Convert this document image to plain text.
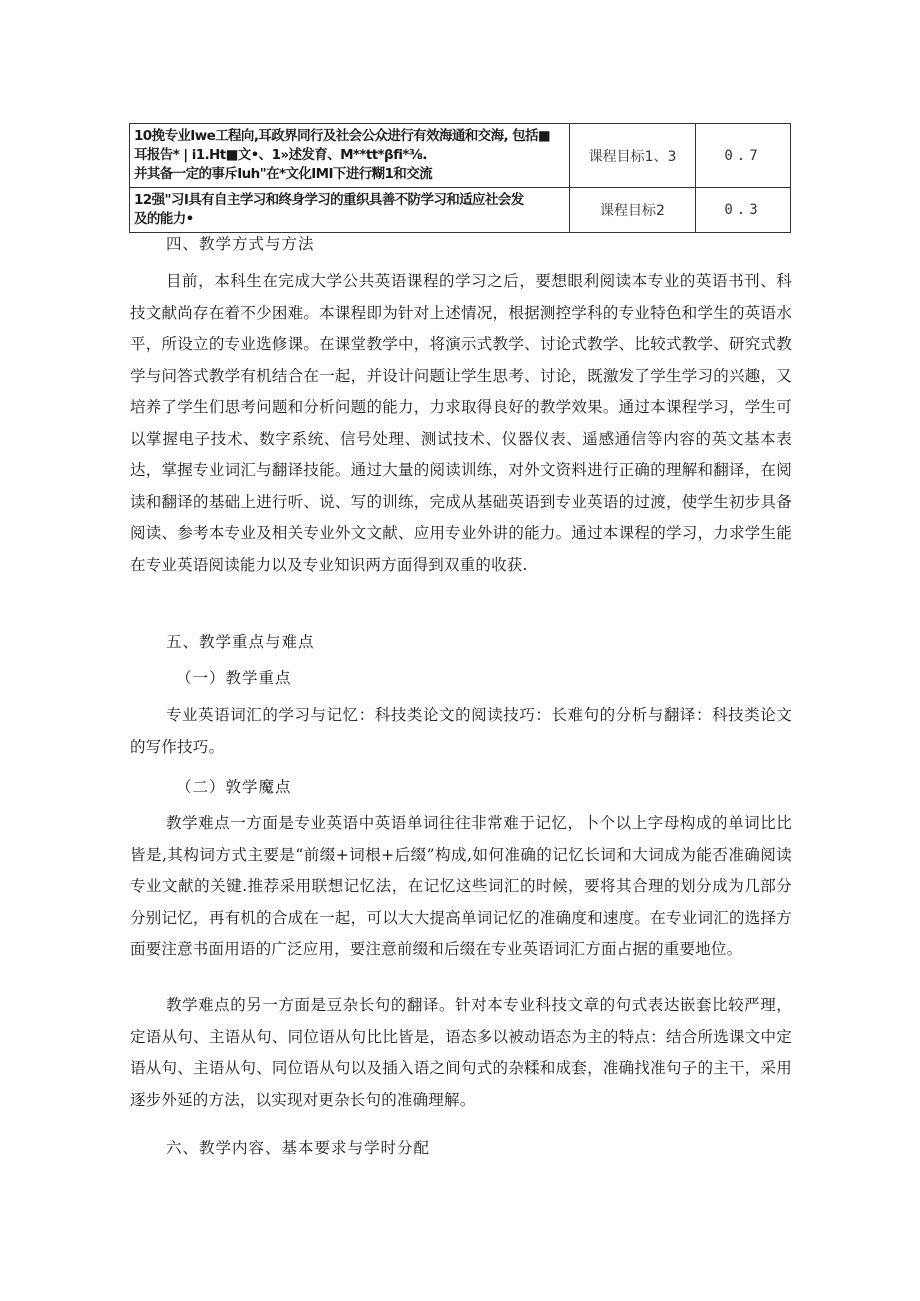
10挽专业Iwe工程向,耳政界同行及社会公众进行有效海通和交海, 包括■
耳报告* | i1.Ht■文•、1»述发育、M**tt*βfi*⅜.
并其备一定的事斥Iuh"在*文化IMI下进行糊1和交流	课程目标1、3	0.7

12强"习I具有自主学习和终身学习的重织具善不防学习和适应社会发
及的能力•	课程目标2	0.3
四、教学方式与方法
目前，本科生在完成大学公共英语课程的学习之后，要想眼利阅读本专业的英语书刊、科技文献尚存在着不少困难。本课程即为针对上述情况，根据测控学科的专业特色和学生的英语水平，所设立的专业选修课。在课堂教学中，将演示式教学、讨论式教学、比较式教学、研究式教学与问答式教学有机结合在一起，并设计问题让学生思考、讨论，既激发了学生学习的兴趣，又培养了学生们思考问题和分析问题的能力，力求取得良好的教学效果。通过本课程学习，学生可以掌握电子技术、数字系统、信号处理、测试技术、仪器仪表、遥感通信等内容的英文基本表达，掌握专业词汇与翻译技能。通过大量的阅读训练，对外文资料进行正确的理解和翻译，在阅读和翻译的基础上进行听、说、写的训练，完成从基础英语到专业英语的过渡，使学生初步具备阅读、参考本专业及相关专业外文文献、应用专业外讲的能力。通过本课程的学习，力求学生能在专业英语阅读能力以及专业知识两方面得到双重的收获.
五、教学重点与难点
（一）教学重点
专业英语词汇的学习与记忆：科技类论文的阅读技巧：长难句的分析与翻译：科技类论文的写作技巧。
（二）敦学魔点
教学难点一方面是专业英语中英语单词往往非常难于记忆，卜个以上字母构成的单词比比皆是,其构词方式主要是“前缀+词根+后缀”构成,如何准确的记忆长词和大词成为能否准确阅读专业文献的关键.推荐采用联想记忆法，在记忆这些词汇的时候，要将其合理的划分成为几部分分别记忆，再有机的合成在一起，可以大大提高单词记忆的准确度和速度。在专业词汇的选择方面要注意书面用语的广泛应用，要注意前缀和后缀在专业英语词汇方面占据的重要地位。
教学难点的另一方面是豆杂长句的翻译。针对本专业科技文章的句式表达嵌套比较严理，定语从句、主语从句、同位语从句比比皆是，语态多以被动语态为主的特点：结合所选课文中定语从句、主语从句、同位语从句以及插入语之间句式的杂糅和成套，准确找准句子的主干，采用逐步外延的方法，以实现对更杂长句的准确理解。
六、教学内容、基本要求与学时分配
